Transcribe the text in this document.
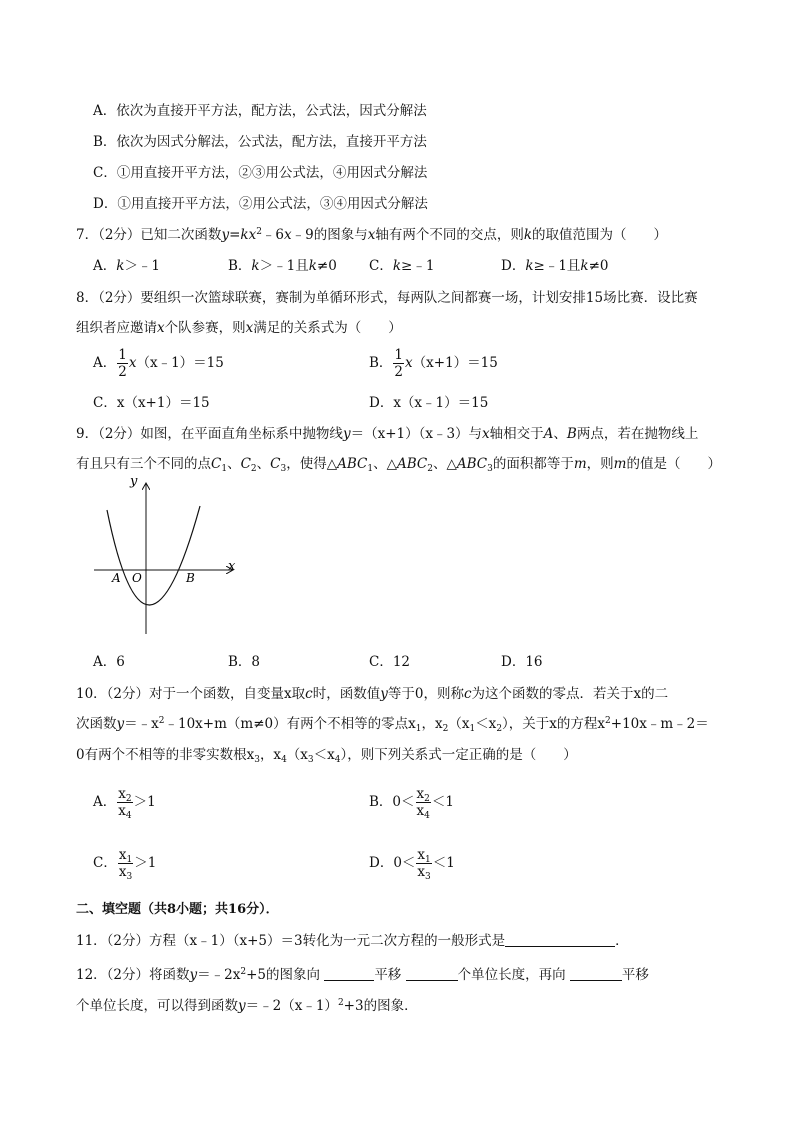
A．依次为直接开平方法，配方法，公式法，因式分解法
B．依次为因式分解法，公式法，配方法，直接开平方法
C．①用直接开平方法，②③用公式法，④用因式分解法
D．①用直接开平方法，②用公式法，③④用因式分解法
7．（2分）已知二次函数$y=kx^2﹣6x﹣9$的图象与x轴有两个不同的交点，则k的取值范围为（　　）
A．k＞﹣1	B．k＞﹣1且k≠0 C．k≥﹣1	D．k≥﹣1且k≠0
8．（2分）要组织一次篮球联赛，赛制为单循环形式，每两队之间都赛一场，计划安排15场比赛．设比赛
组织者应邀请x个队参赛，则x满足的关系式为（　　）
A． $\frac{1}{2}$ x（x﹣1）＝15	B． $\frac{1}{2} x(x+1)=15$
C．x（x+1）＝15	D．x（x﹣1）＝15
9．（2分）如图，在平面直角坐标系中抛物线y＝（x+1）（x﹣3）与x轴相交于A、B两点，若在抛物线上
有且只有三个不同的点$C_1$、$C_2$、$C_3$，使得$\triangle ABC_1$、$\triangle ABC_2$、$\triangle ABC_3$的面积都等于m，则m的值是（　　）
y
x
A O	B
A．6	B．8	C．12	D．16
10．（2分）对于一个函数，自变量x取c时，函数值y等于0，则称c为这个函数的零点．若关于x的二
次函数$y=﹣x^2﹣10x+m(m\ne 0)$有两个不相等的零点$x_1$，$x_2(x_1<x_2)$，关于x的方程$x^2+10x﹣m﹣2=$
0有两个不相等的非零实数根$x_3$，$x_4(x_3<x_4)$，则下列关系式一定正确的是（　　）
A． $\frac{x_2}{x_4} >1$	B．$0< \frac{x_2}{x_4} <1$
C． $\frac{x_1}{x_3} >1$	D．$0< \frac{x_1}{x_3} <1$
二、填空题（共8小题；共16分）．
11．（2分）方程（x﹣1）（x+5）＝3转化为一元二次方程的一般形式是	．
12．（2分）将函数$y=﹣2x^2+5$的图象向	平移	个单位长度，再向	平移
个单位长度，可以得到函数y＝﹣2（x﹣1）$^2$+3的图象．
